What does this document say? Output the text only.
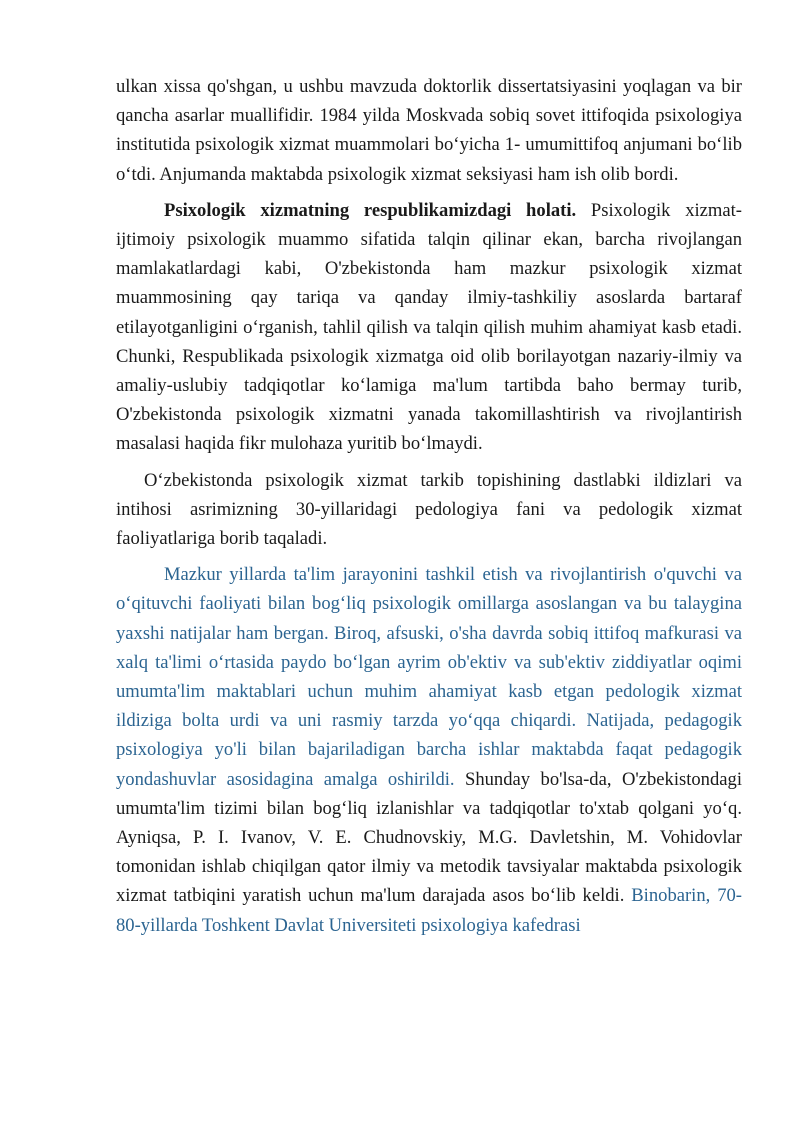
ulkan xissa qo'shgan, u ushbu mavzuda doktorlik dissertatsiyasini yoqlagan va bir qancha asarlar muallifidir. 1984 yilda Moskvada sobiq sovet ittifoqida psixologiya institutida psixologik xizmat muammolari bo‘yicha 1- umumittifoq anjumani bo‘lib o‘tdi. Anjumanda maktabda psixologik xizmat seksiyasi ham ish olib bordi.

Psixologik xizmatning respublikamizdagi holati. Psixologik xizmat-ijtimoiy psixologik muammo sifatida talqin qilinar ekan, barcha rivojlangan mamlakatlardagi kabi, O'zbekistonda ham mazkur psixologik xizmat muammosining qay tariqa va qanday ilmiy-tashkiliy asoslarda bartaraf etilayotganligini o‘rganish, tahlil qilish va talqin qilish muhim ahamiyat kasb etadi. Chunki, Respublikada psixologik xizmatga oid olib borilayotgan nazariy-ilmiy va amaliy-uslubiy tadqiqotlar ko‘lamiga ma'lum tartibda baho bermay turib, O'zbekistonda psixologik xizmatni yanada takomillashtirish va rivojlantirish masalasi haqida fikr mulohaza yuritib bo‘lmaydi.

O‘zbekistonda psixologik xizmat tarkib topishining dastlabki ildizlari va intihosi asrimizning 30-yillaridagi pedologiya fani va pedologik xizmat faoliyatlariga borib taqaladi.

Mazkur yillarda ta'lim jarayonini tashkil etish va rivojlantirish o'quvchi va o‘qituvchi faoliyati bilan bog‘liq psixologik omillarga asoslangan va bu talaygina yaxshi natijalar ham bergan. Biroq, afsuski, o'sha davrda sobiq ittifoq mafkurasi va xalq ta'limi o‘rtasida paydo bo‘lgan ayrim ob'ektiv va sub'ektiv ziddiyatlar oqimi umumta'lim maktablari uchun muhim ahamiyat kasb etgan pedologik xizmat ildiziga bolta urdi va uni rasmiy tarzda yo‘qqa chiqardi. Natijada, pedagogik psixologiya yo'li bilan bajariladigan barcha ishlar maktabda faqat pedagogik yondashuvlar asosidagina amalga oshirildi. Shunday bo'lsa-da, O'zbekistondagi umumta'lim tizimi bilan bog‘liq izlanishlar va tadqiqotlar to'xtab qolgani yo‘q. Ayniqsa, P. I. Ivanov, V. E. Chudnovskiy, M.G. Davletshin, M. Vohidovlar tomonidan ishlab chiqilgan qator ilmiy va metodik tavsiyalar maktabda psixologik xizmat tatbiqini yaratish uchun ma'lum darajada asos bo‘lib keldi. Binobarin, 70-80-yillarda Toshkent Davlat Universiteti psixologiya kafedrasi
